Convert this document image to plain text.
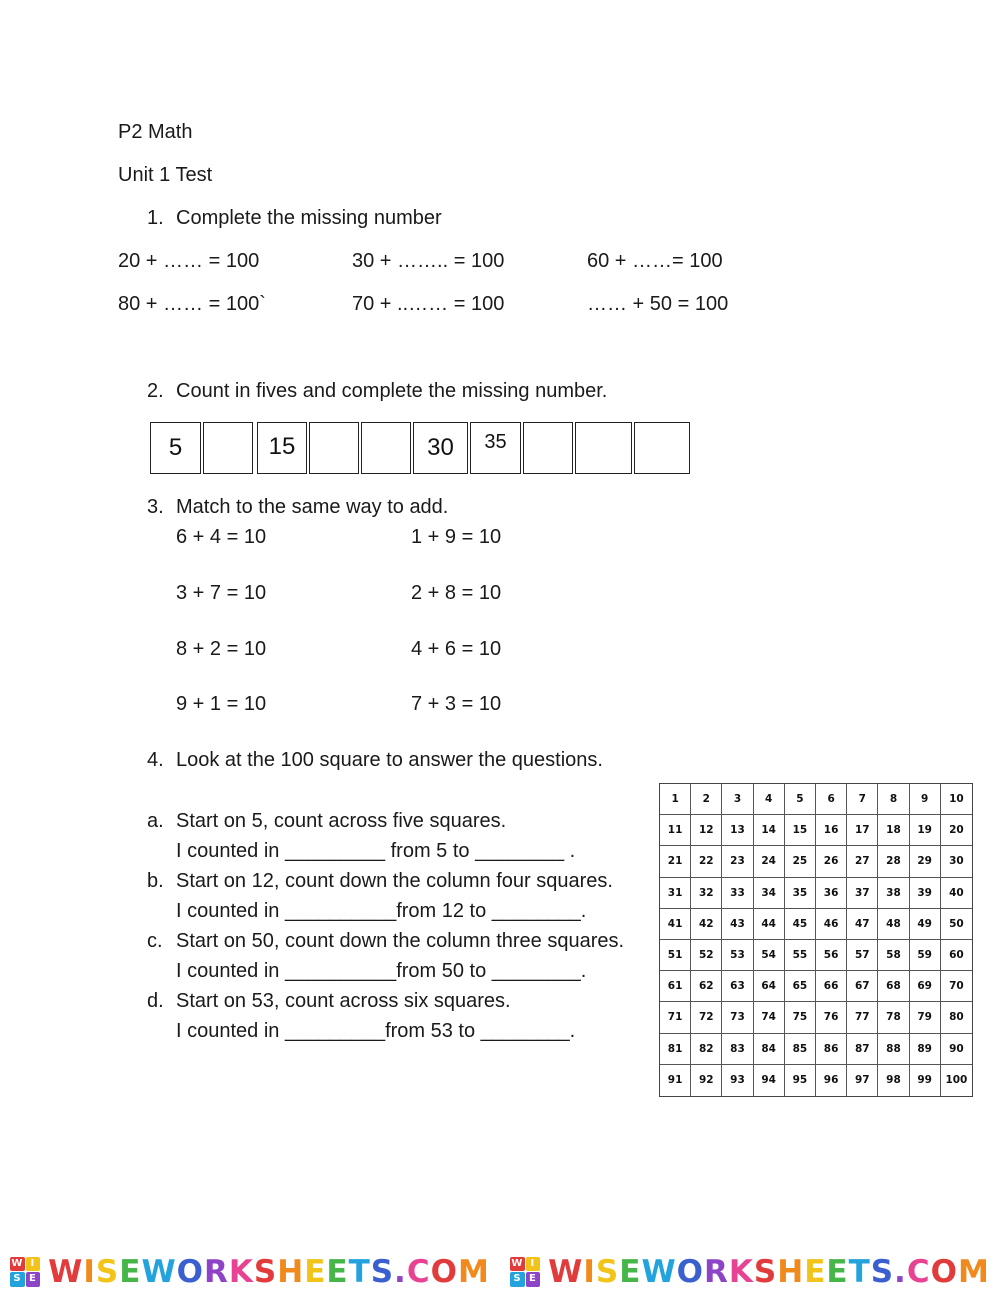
P2 Math
Unit 1 Test
1. Complete the missing number
20 + …… = 100	30 + …….. = 100	60 + ……= 100
80 + …… = 100`	70 + ..…… = 100	…… + 50 = 100
2. Count in fives and complete the missing number.
5	15	30	35
3. Match to the same way to add.
6 + 4 = 10	1 + 9 = 10
3 + 7 = 10	2 + 8 = 10
8 + 2 = 10	4 + 6 = 10
9 + 1 = 10	7 + 3 = 10
4. Look at the 100 square to answer the questions.
a. Start on 5, count across five squares.
I counted in _________ from 5 to ________ .
b. Start on 12, count down the column four squares.
I counted in __________from 12 to ________.
c. Start on 50, count down the column three squares.
I counted in __________from 50 to ________.
d. Start on 53, count across six squares.
I counted in _________from 53 to ________.
1	2	3	4	5	6	7	8	9	10
11	12	13	14	15	16	17	18	19	20
21	22	23	24	25	26	27	28	29	30
31	32	33	34	35	36	37	38	39	40
41	42	43	44	45	46	47	48	49	50
51	52	53	54	55	56	57	58	59	60
61	62	63	64	65	66	67	68	69	70
71	72	73	74	75	76	77	78	79	80
81	82	83	84	85	86	87	88	89	90
91	92	93	94	95	96	97	98	99	100
W I
S E WISEWORKSHEETS.COM W I
S E WISEWORKSHEETS.COM
